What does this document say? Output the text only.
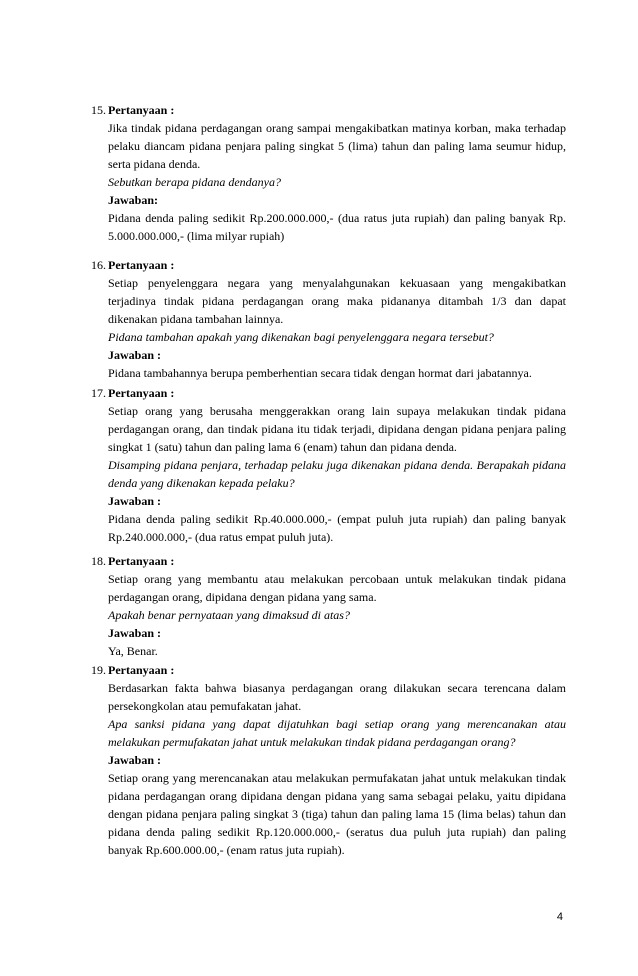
15. Pertanyaan :

Jika tindak pidana perdagangan orang sampai mengakibatkan matinya korban, maka terhadap pelaku diancam pidana penjara paling singkat 5 (lima) tahun dan paling lama seumur hidup, serta pidana denda.

Sebutkan berapa pidana dendanya?

Jawaban:

Pidana denda paling sedikit Rp.200.000.000,- (dua ratus juta rupiah) dan paling banyak Rp. 5.000.000.000,- (lima milyar rupiah)

16. Pertanyaan :

Setiap penyelenggara negara yang menyalahgunakan kekuasaan yang mengakibatkan terjadinya tindak pidana perdagangan orang maka pidananya ditambah 1/3 dan dapat dikenakan pidana tambahan lainnya.

Pidana tambahan apakah yang dikenakan bagi penyelenggara negara tersebut?

Jawaban :

Pidana tambahannya berupa pemberhentian secara tidak dengan hormat dari jabatannya.

17. Pertanyaan :

Setiap orang yang berusaha menggerakkan orang lain supaya melakukan tindak pidana perdagangan orang, dan tindak pidana itu tidak terjadi, dipidana dengan pidana penjara paling singkat 1 (satu) tahun dan paling lama 6 (enam) tahun dan pidana denda.

Disamping pidana penjara, terhadap pelaku juga dikenakan pidana denda. Berapakah pidana denda yang dikenakan kepada pelaku?

Jawaban :

Pidana denda paling sedikit Rp.40.000.000,- (empat puluh juta rupiah) dan paling banyak Rp.240.000.000,- (dua ratus empat puluh juta).

18. Pertanyaan :

Setiap orang yang membantu atau melakukan percobaan untuk melakukan tindak pidana perdagangan orang, dipidana dengan pidana yang sama.

Apakah benar pernyataan yang dimaksud di atas?

Jawaban :

Ya, Benar.

19. Pertanyaan :

Berdasarkan fakta bahwa biasanya perdagangan orang dilakukan secara terencana dalam persekongkolan atau pemufakatan jahat.

Apa sanksi pidana yang dapat dijatuhkan bagi setiap orang yang merencanakan atau melakukan permufakatan jahat untuk melakukan tindak pidana perdagangan orang?

Jawaban :

Setiap orang yang merencanakan atau melakukan permufakatan jahat untuk melakukan tindak pidana perdagangan orang dipidana dengan pidana yang sama sebagai pelaku, yaitu dipidana dengan pidana penjara paling singkat 3 (tiga) tahun dan paling lama 15 (lima belas) tahun dan pidana denda paling sedikit Rp.120.000.000,- (seratus dua puluh juta rupiah) dan paling banyak Rp.600.000.00,- (enam ratus juta rupiah).

4
